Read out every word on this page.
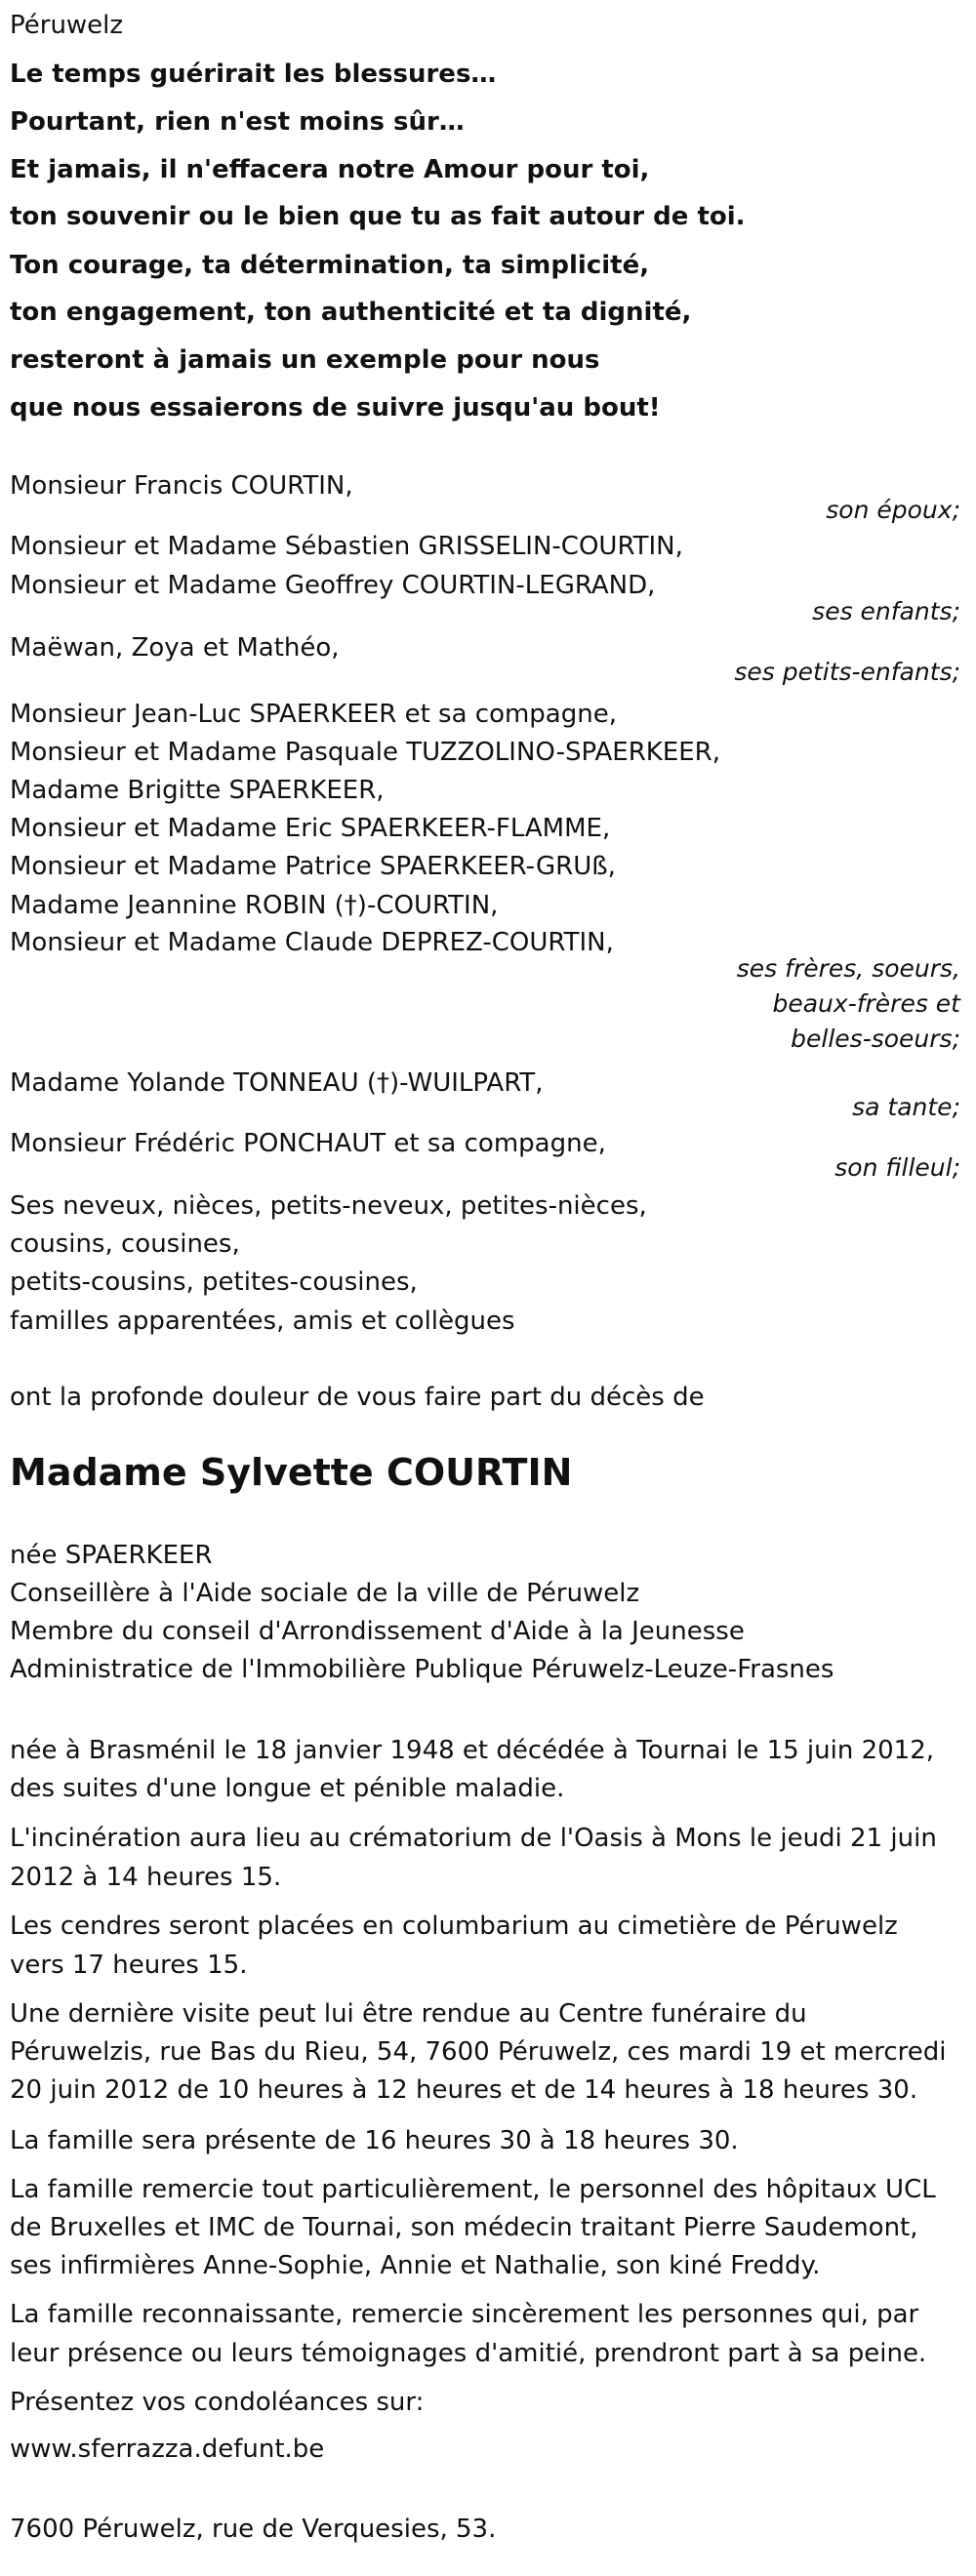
Péruwelz
Le temps guérirait les blessures…
Pourtant, rien n'est moins sûr…
Et jamais, il n'effacera notre Amour pour toi,
ton souvenir ou le bien que tu as fait autour de toi.
Ton courage, ta détermination, ta simplicité,
ton engagement, ton authenticité et ta dignité,
resteront à jamais un exemple pour nous
que nous essaierons de suivre jusqu'au bout!
Monsieur Francis COURTIN,
son époux;
Monsieur et Madame Sébastien GRISSELIN-COURTIN,
Monsieur et Madame Geoffrey COURTIN-LEGRAND,
ses enfants;
Maëwan, Zoya et Mathéo,
ses petits-enfants;
Monsieur Jean-Luc SPAERKEER et sa compagne,
Monsieur et Madame Pasquale TUZZOLINO-SPAERKEER,
Madame Brigitte SPAERKEER,
Monsieur et Madame Eric SPAERKEER-FLAMME,
Monsieur et Madame Patrice SPAERKEER-GRUß,
Madame Jeannine ROBIN (†)-COURTIN,
Monsieur et Madame Claude DEPREZ-COURTIN,
ses frères, soeurs,
beaux-frères et
belles-soeurs;
Madame Yolande TONNEAU (†)-WUILPART,
sa tante;
Monsieur Frédéric PONCHAUT et sa compagne,
son filleul;
Ses neveux, nièces, petits-neveux, petites-nièces,
cousins, cousines,
petits-cousins, petites-cousines,
familles apparentées, amis et collègues
ont la profonde douleur de vous faire part du décès de
Madame Sylvette COURTIN
née SPAERKEER
Conseillère à l'Aide sociale de la ville de Péruwelz
Membre du conseil d'Arrondissement d'Aide à la Jeunesse
Administratice de l'Immobilière Publique Péruwelz-Leuze-Frasnes
née à Brasménil le 18 janvier 1948 et décédée à Tournai le 15 juin 2012,
des suites d'une longue et pénible maladie.
L'incinération aura lieu au crématorium de l'Oasis à Mons le jeudi 21 juin
2012 à 14 heures 15.
Les cendres seront placées en columbarium au cimetière de Péruwelz
vers 17 heures 15.
Une dernière visite peut lui être rendue au Centre funéraire du
Péruwelzis, rue Bas du Rieu, 54, 7600 Péruwelz, ces mardi 19 et mercredi
20 juin 2012 de 10 heures à 12 heures et de 14 heures à 18 heures 30.
La famille sera présente de 16 heures 30 à 18 heures 30.
La famille remercie tout particulièrement, le personnel des hôpitaux UCL
de Bruxelles et IMC de Tournai, son médecin traitant Pierre Saudemont,
ses infirmières Anne-Sophie, Annie et Nathalie, son kiné Freddy.
La famille reconnaissante, remercie sincèrement les personnes qui, par
leur présence ou leurs témoignages d'amitié, prendront part à sa peine.
Présentez vos condoléances sur:
www.sferrazza.defunt.be
7600 Péruwelz, rue de Verquesies, 53.
